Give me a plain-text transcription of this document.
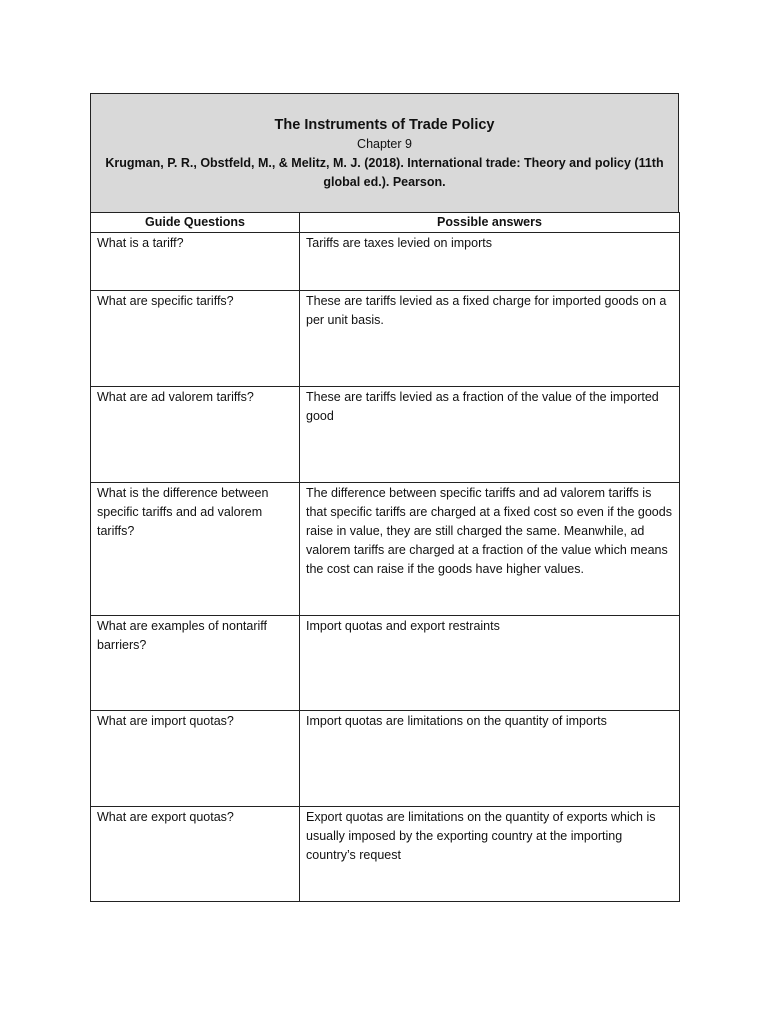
The Instruments of Trade Policy

Chapter 9

Krugman, P. R., Obstfeld, M., & Melitz, M. J. (2018). International trade: Theory and policy (11th global ed.). Pearson.

Guide Questions	Possible answers
What is a tariff?	Tariffs are taxes levied on imports
What are specific tariffs?	These are tariffs levied as a fixed charge for imported goods on a per unit basis.
What are ad valorem tariffs?	These are tariffs levied as a fraction of the value of the imported good
What is the difference between specific tariffs and ad valorem tariffs?	The difference between specific tariffs and ad valorem tariffs is that specific tariffs are charged at a fixed cost so even if the goods raise in value, they are still charged the same. Meanwhile, ad valorem tariffs are charged at a fraction of the value which means the cost can raise if the goods have higher values.
What are examples of nontariff barriers?	Import quotas and export restraints
What are import quotas?	Import quotas are limitations on the quantity of imports
What are export quotas?	Export quotas are limitations on the quantity of exports which is usually imposed by the exporting country at the importing country’s request
